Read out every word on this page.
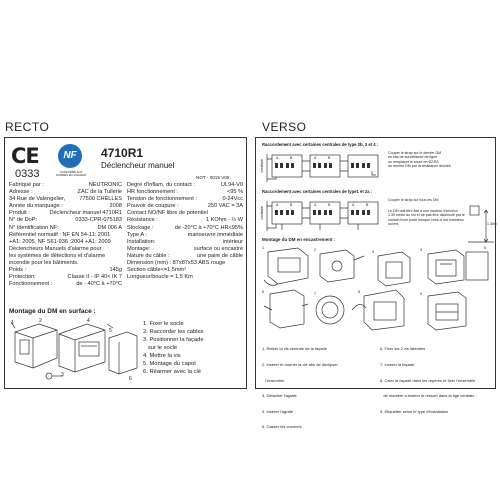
RECTO	VERSO
CE
0333
NF
CONFORME AUX NORMES EN VIGUEUR
4710R1
Déclencheur manuel
NOT - 0015 V05
Fabriqué par :	NEUTRONIC
Adresse :	ZAC de la Tuilerie
34 Rue de Valengelier,	77500 CHELLES
Année du marquage :	2008
Produit :	Déclencheur manuel 4710R1
N° de DoP:	0333-CPR-075183
N° Identification NF:	DM 006 A
Référentiel normatif : NF EN 54-11: 2001
+A1: 2005, NF S61-936 :2004 +A1: 2009
Déclencheurs Manuels d'alarme pour
les systèmes de détections et d'alarme
incendie pour les bâtiments.
Poids :	145g
Protection:	Classe II - IP 40< IK 7
Fonctionnement :	de - 40°C à +70°C
Degré d'inflam. du contact :	UL94-V0
HR fonctionnement :	<95 %
Tension de fonctionnement :	0-24Vcc
Pouvoir de coupure :	250 VAC = 3A
Contact NO/NF libre de potentiel
Résistance :	1 KOhm - ½ W
Stockage :	de -20°C à +70°C HR<95%
Type A :	manoeuvre immédiate
Installation:	intérieur
Montage:	surface ou encastré
Nature du câble :	une paire de câble
Dimension (mm) : 87x87x53 ABS rouge
Section câble<=1,5mm²
Longueur/boucle = 1,5 Km
Montage du DM en surface :
1	2
3
4
5
6
1. Fixer le socle
2. Raccorder les cables
3. Positionner la façade
sur le socle
4. Mettre la vis
5. Montage du capot
6. Réarmer avec la clé
Raccordement avec certaines centrales de type 2b, 3 et 4 :
centrale
A	B	A	B
Couper le strap sur le dernier DM
en cas de surveillance de ligne
ou remplacer le shunt en B2-B3
du dernier DM par la résistance désirée.
Raccordement avec certaines centrales de type1 et 2a :
centrale
A	B	A	B	A	B
Couper le strap sur tous les DM
Le DM doit être fixé à une hauteur d'environ
1.30 mètre du sol et ne pas être dissimulé par le
vantail d'une porte lorsque celui-ci est maintenu
ouvert.	1.30m
Montage du DM en encastrement :
1	2	3	4	5
6	7	8	9

1. Retirer la vis centrale de la façade

2. Insérer et tourner la clé afin de déclipser

l'ensemble

3. Détacher l'agrafe

4. Insérer l'agrafe

5. Casser les crochets

6. Fixer les 2 vis latérales

7. Insérer la façade

8. Caler la façade dans les repères et fixer l'ensemble

de manière à insérer le ressort dans la tige centrale

9. Etiquetter selon le type d'installation
